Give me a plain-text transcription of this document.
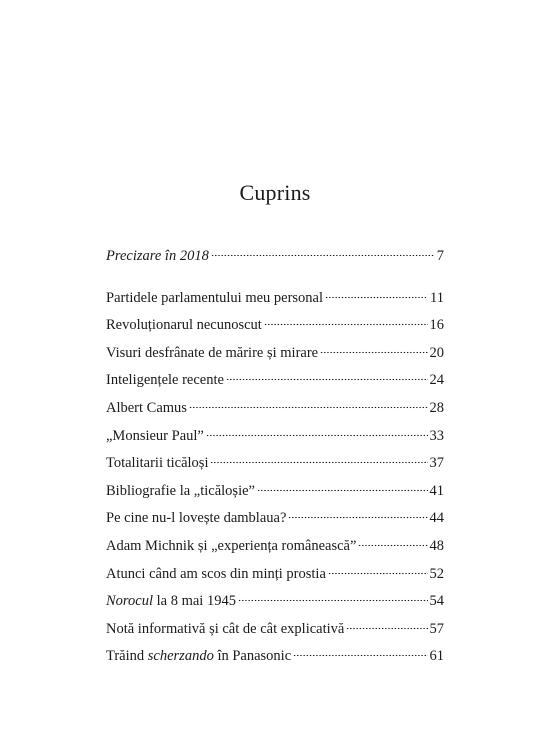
Cuprins
Precizare în 2018	7
Partidele parlamentului meu personal	11
Revoluționarul necunoscut	16
Visuri desfrânate de mărire și mirare	20
Inteligențele recente	24
Albert Camus	28
„Monsieur Paul”	33
Totalitarii ticăloși	37
Bibliografie la „ticăloșie”	41
Pe cine nu-l lovește damblaua?	44
Adam Michnik și „experiența românească”	48
Atunci când am scos din minți prostia	52
Norocul la 8 mai 1945	54
Notă informativă și cât de cât explicativă	57
Trăind scherzando în Panasonic	61
